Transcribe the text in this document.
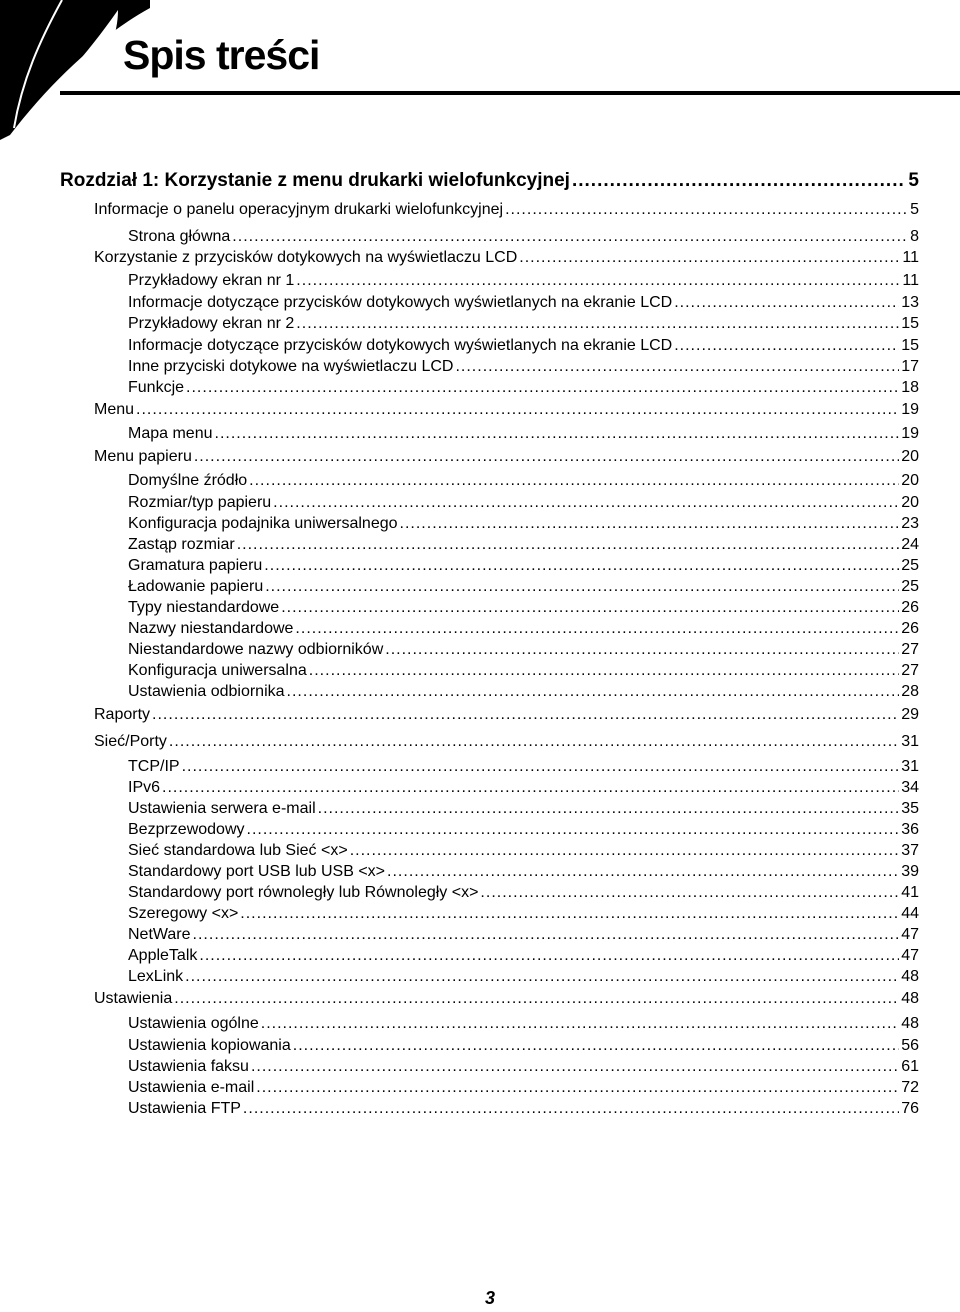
Spis treści
Rozdział 1: Korzystanie z menu drukarki wielofunkcyjnej .....	5
Informacje o panelu operacyjnym drukarki wielofunkcyjnej .....	5
Strona główna .....	8
Korzystanie z przycisków dotykowych na wyświetlaczu LCD .....	11
Przykładowy ekran nr 1 .....	11
Informacje dotyczące przycisków dotykowych wyświetlanych na ekranie LCD .....	13
Przykładowy ekran nr 2 .....	15
Informacje dotyczące przycisków dotykowych wyświetlanych na ekranie LCD .....	15
Inne przyciski dotykowe na wyświetlaczu LCD .....	17
Funkcje .....	18
Menu .....	19
Mapa menu .....	19
Menu papieru .....	20
Domyślne źródło .....	20
Rozmiar/typ papieru .....	20
Konfiguracja podajnika uniwersalnego .....	23
Zastąp rozmiar .....	24
Gramatura papieru .....	25
Ładowanie papieru .....	25
Typy niestandardowe .....	26
Nazwy niestandardowe .....	26
Niestandardowe nazwy odbiorników .....	27
Konfiguracja uniwersalna .....	27
Ustawienia odbiornika .....	28
Raporty .....	29
Sieć/Porty .....	31
TCP/IP .....	31
IPv6 .....	34
Ustawienia serwera e-mail .....	35
Bezprzewodowy .....	36
Sieć standardowa lub Sieć <x> .....	37
Standardowy port USB lub USB <x> .....	39
Standardowy port równoległy lub Równoległy <x> .....	41
Szeregowy <x> .....	44
NetWare .....	47
AppleTalk .....	47
LexLink .....	48
Ustawienia .....	48
Ustawienia ogólne .....	48
Ustawienia kopiowania .....	56
Ustawienia faksu .....	61
Ustawienia e-mail .....	72
Ustawienia FTP .....	76
3
